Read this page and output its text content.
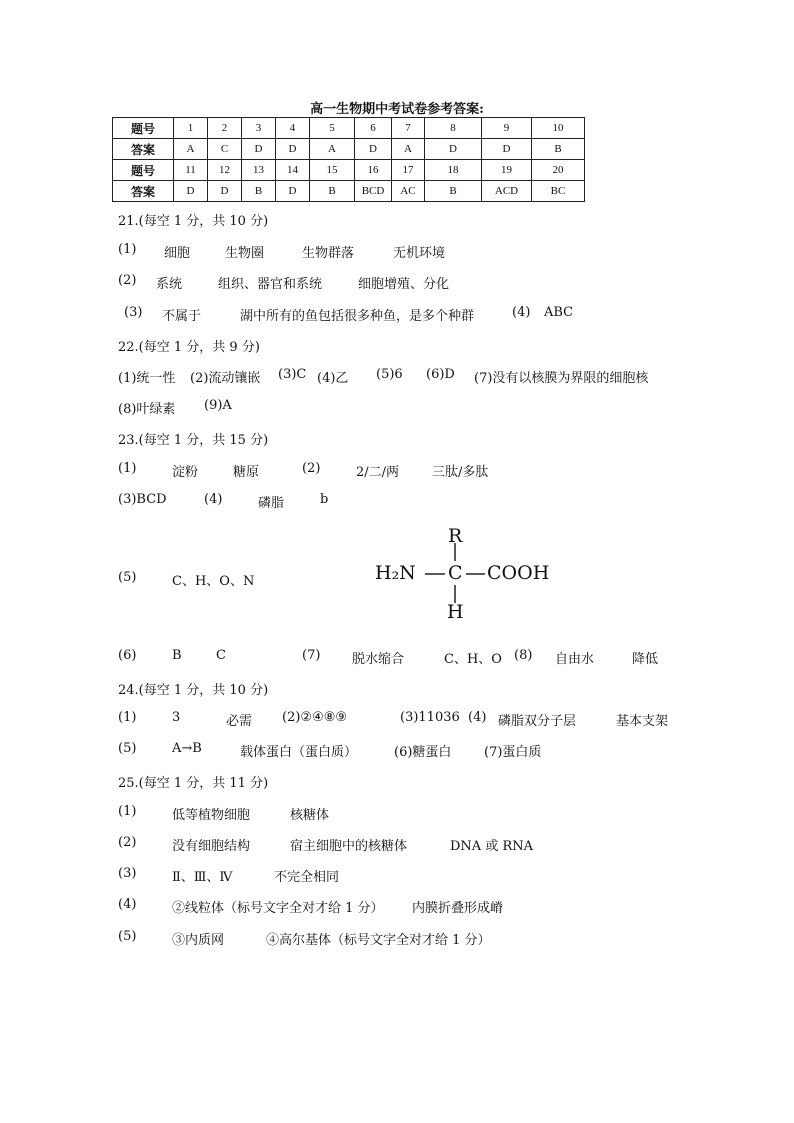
高一生物期中考试卷参考答案:
题号	1	2	3	4	5	6	7	8	9	10
答案	A	C	D	D	A	D	A	D	D	B
题号	11	12	13	14	15	16	17	18	19	20
答案	D	D	B	D	B	BCD	AC	B	ACD	BC
21.(每空 1 分，共 10 分)
(1) 细胞	生物圈	生物群落	无机环境
(2) 系统	组织、器官和系统	细胞增殖、分化
(3) 不属于	湖中所有的鱼包括很多种鱼，是多个种群	(4) ABC
22.(每空 1 分，共 9 分)
(1)统一性 (2)流动镶嵌 (3)C (4)乙 (5)6 (6)D (7)没有以核膜为界限的细胞核
(8)叶绿素 (9)A
23.(每空 1 分，共 15 分)
(1)	淀粉	糖原	(2)	2/二/两	三肽/多肽
(3)BCD	(4)	磷脂	b
(5)	C、H、O、N
R
H₂N C COOH
H
(6)	B	C	(7) 脱水缩合	C、H、O (8) 自由水	降低
24.(每空 1 分，共 10 分)
(1)	3	必需 (2)②④⑧⑨	(3)11036 (4) 磷脂双分子层	基本支架
(5)	A→B	载体蛋白（蛋白质）	(6)糖蛋白	(7)蛋白质
25.(每空 1 分，共 11 分)
(1)	低等植物细胞	核糖体
(2)	没有细胞结构	宿主细胞中的核糖体	DNA 或 RNA
(3)	Ⅱ、Ⅲ、Ⅳ	不完全相同
(4)	②线粒体（标号文字全对才给 1 分） 内膜折叠形成嵴
(5)	③内质网	④高尔基体（标号文字全对才给 1 分）
